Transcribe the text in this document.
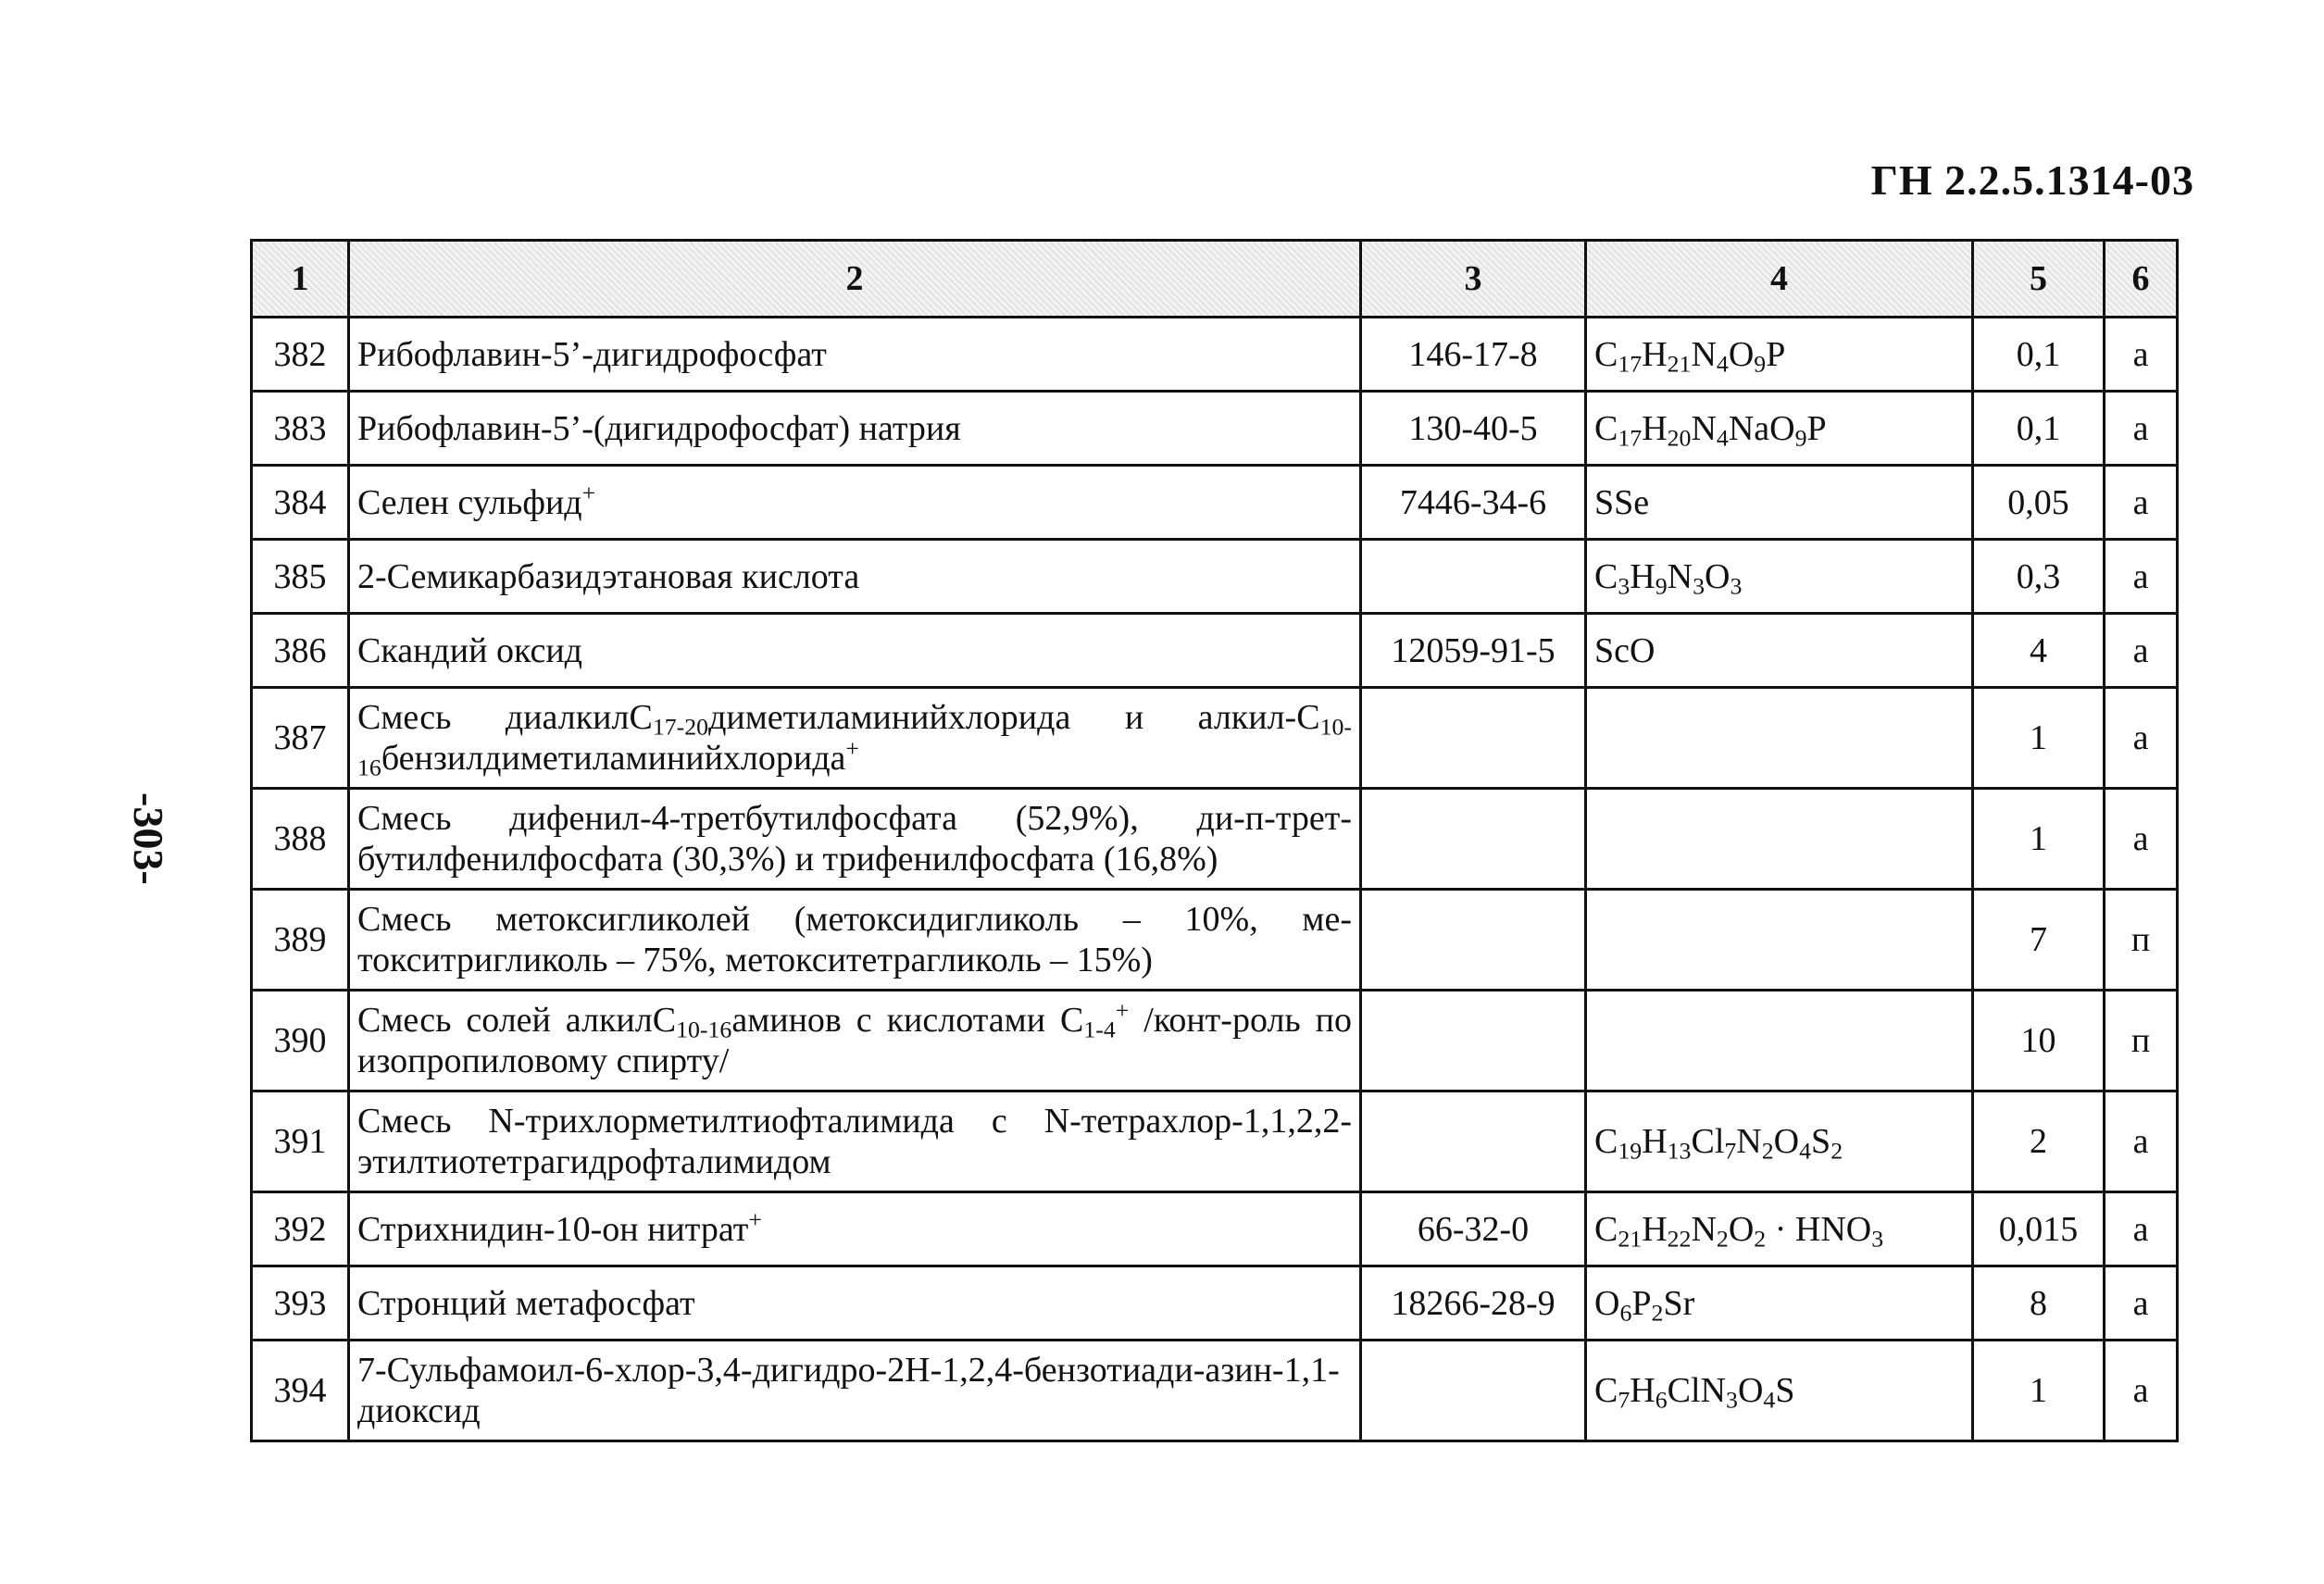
ГН 2.2.5.1314-03
-303-
1	2	3	4	5	6
382	Рибофлавин-5’-дигидрофосфат	146-17-8	$C_{17}H_{21}N_4O_9P$	0,1	а
383	Рибофлавин-5’-(дигидрофосфат) натрия	130-40-5	$C_{17}H_{20}N_4NaO_9P$	0,1	а
384	Селен сульфид+	7446-34-6	SSe	0,05	а
385	2-Семикарбазидэтановая кислота		$C_3H_9N_3O_3$	0,3	а
386	Скандий оксид	12059-91-5	ScO	4	а
387	Смесь диалкилC$_{17-20}$диметиламинийхлорида и алкил-$C_{10-16}бензилдиметиламинийхлорида^+$			1	а
388	Смесь дифенил-4-третбутилфосфата (52,9%), ди-п-трет-бутилфенилфосфата (30,3%) и трифенилфосфата (16,8%)			1	а
389	Смесь метоксигликолей (метоксидигликоль – 10%, ме-токситригликоль – 75%, метокситетрагликоль – 15%)			7	п
390	Смесь солей алкилC$_{10-16}$аминов с кислотами $C_{1-4}^+$ /конт-роль по изопропиловому спирту/			10	п
391	Смесь N-трихлорметилтиофталимида с N-тетрахлор-1,1,2,2-этилтиотетрагидрофталимидом		$C_{19}H_{13}Cl_7N_2O_4S_2$	2	а
392	Стрихнидин-10-он нитрат+	66-32-0	$C_{21}H_{22}N_2O_2 \cdot HNO_3$	0,015	а
393	Стронций метафосфат	18266-28-9	$O_6P_2Sr$	8	а
394	7-Сульфамоил-6-хлор-3,4-дигидро-2Н-1,2,4-бензотиади-азин-1,1-диоксид		$C_7H_6ClN_3O_4S$	1	а
